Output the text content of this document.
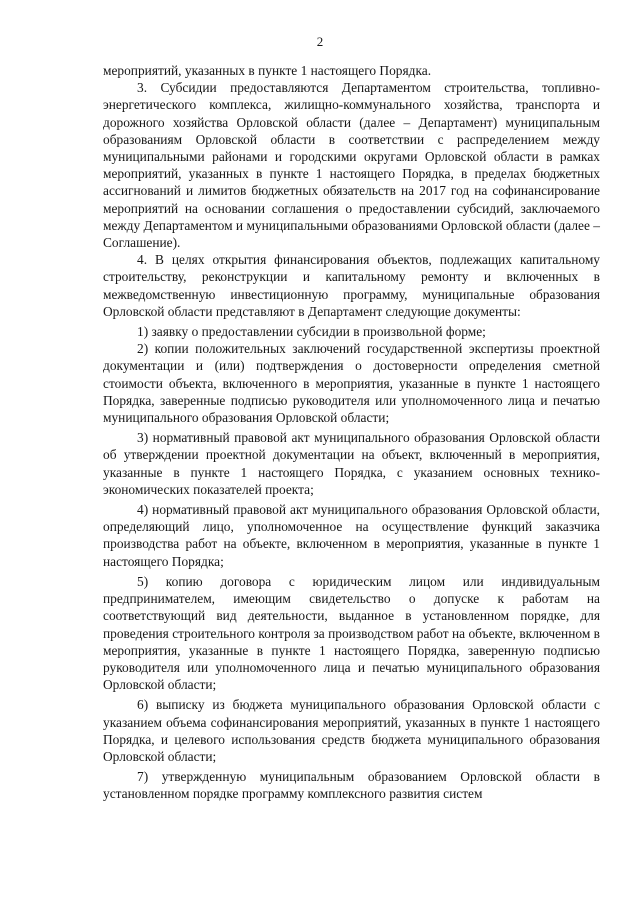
2

мероприятий, указанных в пункте 1 настоящего Порядка.

3. Субсидии предоставляются Департаментом строительства, топливно-энергетического комплекса, жилищно-коммунального хозяйства, транспорта и дорожного хозяйства Орловской области (далее – Департамент) муниципальным образованиям Орловской области в соответствии с распределением между муниципальными районами и городскими округами Орловской области в рамках мероприятий, указанных в пункте 1 настоящего Порядка, в пределах бюджетных ассигнований и лимитов бюджетных обязательств на 2017 год на софинансирование мероприятий на основании соглашения о предоставлении субсидий, заключаемого между Департаментом и муниципальными образованиями Орловской области (далее – Соглашение).

4. В целях открытия финансирования объектов, подлежащих капитальному строительству, реконструкции и капитальному ремонту и включенных в межведомственную инвестиционную программу, муниципальные образования Орловской области представляют в Департамент следующие документы:

1) заявку о предоставлении субсидии в произвольной форме;

2) копии положительных заключений государственной экспертизы проектной документации и (или) подтверждения о достоверности определения сметной стоимости объекта, включенного в мероприятия, указанные в пункте 1 настоящего Порядка, заверенные подписью руководителя или уполномоченного лица и печатью муниципального образования Орловской области;

3) нормативный правовой акт муниципального образования Орловской области об утверждении проектной документации на объект, включенный в мероприятия, указанные в пункте 1 настоящего Порядка, с указанием основных технико-экономических показателей проекта;

4) нормативный правовой акт муниципального образования Орловской области, определяющий лицо, уполномоченное на осуществление функций заказчика производства работ на объекте, включенном в мероприятия, указанные в пункте 1 настоящего Порядка;

5) копию договора с юридическим лицом или индивидуальным предпринимателем, имеющим свидетельство о допуске к работам на соответствующий вид деятельности, выданное в установленном порядке, для проведения строительного контроля за производством работ на объекте, включенном в мероприятия, указанные в пункте 1 настоящего Порядка, заверенную подписью руководителя или уполномоченного лица и печатью муниципального образования Орловской области;

6) выписку из бюджета муниципального образования Орловской области с указанием объема софинансирования мероприятий, указанных в пункте 1 настоящего Порядка, и целевого использования средств бюджета муниципального образования Орловской области;

7) утвержденную муниципальным образованием Орловской области в установленном порядке программу комплексного развития систем
